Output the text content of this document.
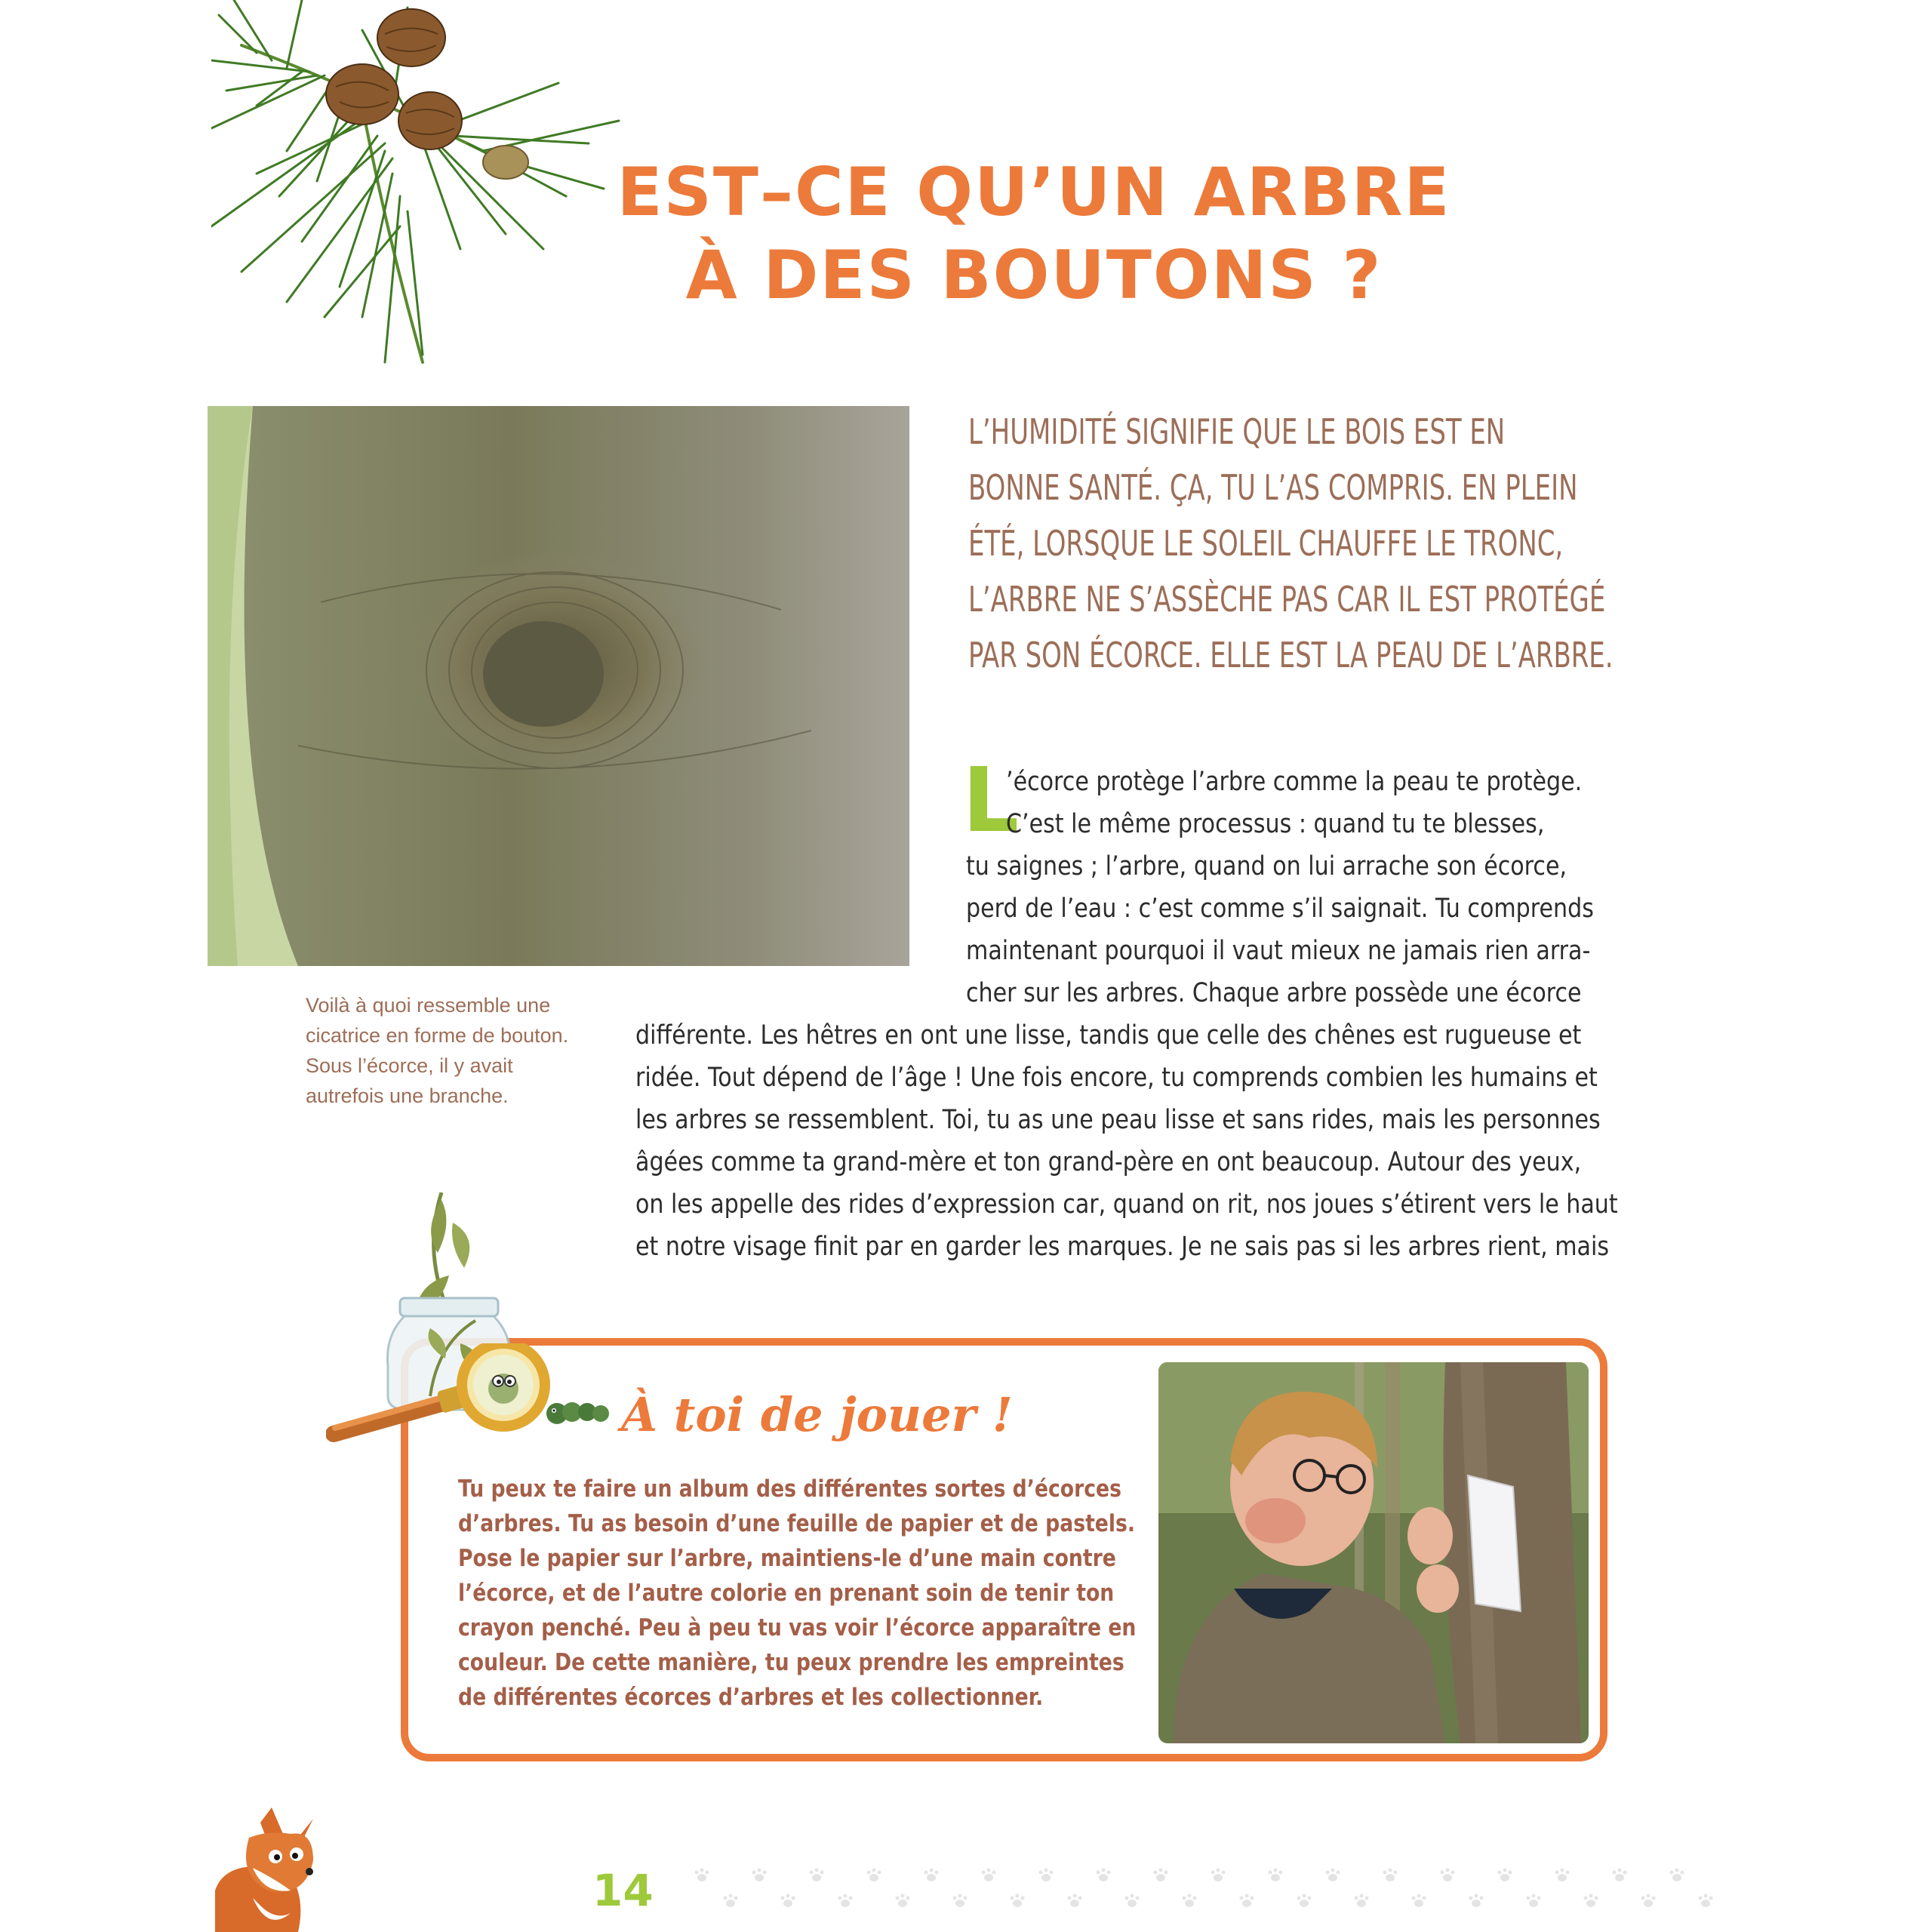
EST–CE QU’UN ARBRE
À DES BOUTONS ?

L’HUMIDITÉ SIGNIFIE QUE LE BOIS EST EN

BONNE SANTÉ. ÇA, TU L’AS COMPRIS. EN PLEIN

ÉTÉ, LORSQUE LE SOLEIL CHAUFFE LE TRONC,

L’ARBRE NE S’ASSÈCHE PAS CAR IL EST PROTÉGÉ

PAR SON ÉCORCE. ELLE EST LA PEAU DE L’ARBRE.

Voilà à quoi ressemble une
cicatrice en forme de bouton.
Sous l’écorce, il y avait
autrefois une branche.
L
’écorce protège l’arbre comme la peau te protège.
C’est le même processus : quand tu te blesses,
tu saignes ; l’arbre, quand on lui arrache son écorce,
perd de l’eau : c’est comme s’il saignait. Tu comprends
maintenant pourquoi il vaut mieux ne jamais rien arra-
cher sur les arbres. Chaque arbre possède une écorce
différente. Les hêtres en ont une lisse, tandis que celle des chênes est rugueuse et
ridée. Tout dépend de l’âge ! Une fois encore, tu comprends combien les humains et
les arbres se ressemblent. Toi, tu as une peau lisse et sans rides, mais les personnes
âgées comme ta grand-mère et ton grand-père en ont beaucoup. Autour des yeux,
on les appelle des rides d’expression car, quand on rit, nos joues s’étirent vers le haut
et notre visage finit par en garder les marques. Je ne sais pas si les arbres rient, mais
À toi de jouer !
Tu peux te faire un album des différentes sortes d’écorces
d’arbres. Tu as besoin d’une feuille de papier et de pastels.
Pose le papier sur l’arbre, maintiens-le d’une main contre
l’écorce, et de l’autre colorie en prenant soin de tenir ton
crayon penché. Peu à peu tu vas voir l’écorce apparaître en
couleur. De cette manière, tu peux prendre les empreintes
de différentes écorces d’arbres et les collectionner.
14
